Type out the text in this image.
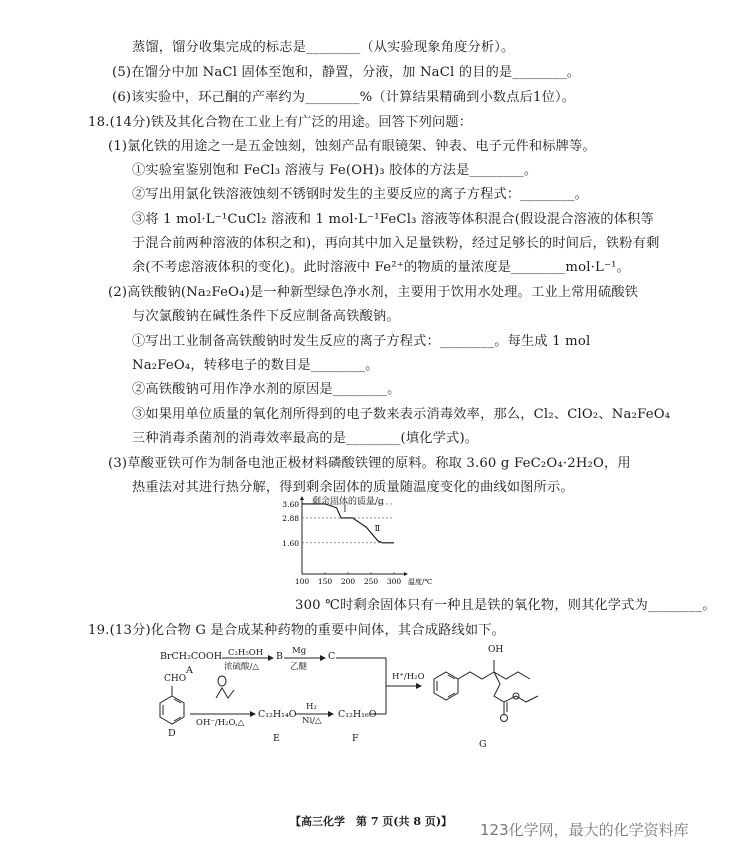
蒸馏，馏分收集完成的标志是________（从实验现象角度分析）。
(5)在馏分中加 NaCl 固体至饱和，静置，分液，加 NaCl 的目的是________。
(6)该实验中，环己酮的产率约为________%（计算结果精确到小数点后1位）。
18.(14分)铁及其化合物在工业上有广泛的用途。回答下列问题：
(1)氯化铁的用途之一是五金蚀刻，蚀刻产品有眼镜架、钟表、电子元件和标牌等。
①实验室鉴别饱和 FeCl₃ 溶液与 Fe(OH)₃ 胶体的方法是________。
②写出用氯化铁溶液蚀刻不锈钢时发生的主要反应的离子方程式：________。
③将 1 mol·L⁻¹CuCl₂ 溶液和 1 mol·L⁻¹FeCl₃ 溶液等体积混合(假设混合溶液的体积等
于混合前两种溶液的体积之和)，再向其中加入足量铁粉，经过足够长的时间后，铁粉有剩
余(不考虑溶液体积的变化)。此时溶液中 Fe²⁺的物质的量浓度是________mol·L⁻¹。
(2)高铁酸钠(Na₂FeO₄)是一种新型绿色净水剂，主要用于饮用水处理。工业上常用硫酸铁
与次氯酸钠在碱性条件下反应制备高铁酸钠。
①写出工业制备高铁酸钠时发生反应的离子方程式：________。每生成 1 mol
Na₂FeO₄，转移电子的数目是________。
②高铁酸钠可用作净水剂的原因是________。
③如果用单位质量的氧化剂所得到的电子数来表示消毒效率，那么，Cl₂、ClO₂、Na₂FeO₄
三种消毒杀菌剂的消毒效率最高的是________(填化学式)。
(3)草酸亚铁可作为制备电池正极材料磷酸铁锂的原料。称取 3.60 g FeC₂O₄·2H₂O，用
热重法对其进行热分解，得到剩余固体的质量随温度变化的曲线如图所示。
3.60
2.88
1.60
100 150 200 250 300 温度/℃
Ⅰ
Ⅱ
剩余固体的质量/g
300 ℃时剩余固体只有一种且是铁的氧化物，则其化学式为________。
19.(13分)化合物 G 是合成某种药物的重要中间体，其合成路线如下。
BrCH₂COOH
A
C₂H₅OH
浓硫酸/△
B Mg
乙醚
C
H⁺/H₂O
OH
G
CHO
D
OH⁻/H₂O,△
C₁₂H₁₄O
E
H₂
Ni/△
C₁₂H₁₆O
F
【高三化学　第 7 页(共 8 页)】 123化学网，最大的化学资料库
